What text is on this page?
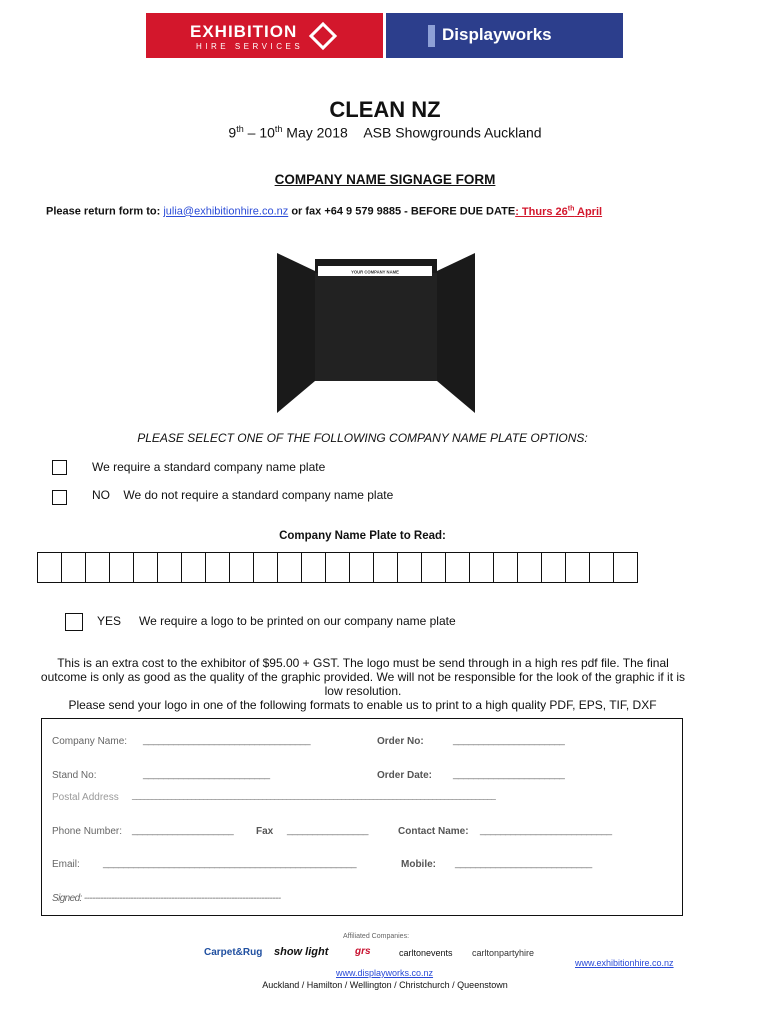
EXHIBITION
HIRE SERVICES
Displayworks
CLEAN NZ
9th – 10th May 2018 ASB Showgrounds Auckland
COMPANY NAME SIGNAGE FORM
Please return form to: julia@exhibitionhire.co.nz or fax +64 9 579 9885 - BEFORE DUE DATE: Thurs 26th April
YOUR COMPANY NAME
PLEASE SELECT ONE OF THE FOLLOWING COMPANY NAME PLATE OPTIONS:
We require a standard company name plate
NO    We do not require a standard company name plate
Company Name Plate to Read:
YES We require a logo to be printed on our company name plate
This is an extra cost to the exhibitor of $95.00 + GST. The logo must be send through in a high res pdf file. The final outcome is only as good as the quality of the graphic provided. We will not be responsible for the look of the graphic if it is low resolution.
Please send your logo in one of the following formats to enable us to print to a high quality PDF, EPS, TIF, DXF
Company Name: _________________________________	Order No:	______________________
Stand No:	_________________________	Order Date: ______________________
Postal Address ____________________________________________________________________________________________
Phone Number: ____________________ Fax ________________	Contact Name: __________________________
Email: __________________________________________________	Mobile: ___________________________
Signed: ------------------------------------------------------------------------
Affiliated Companies:
Carpet&Rug show light	grs	carltonevents carltonpartyhire
www.exhibitionhire.co.nz
www.displayworks.co.nz
Auckland / Hamilton / Wellington / Christchurch / Queenstown
